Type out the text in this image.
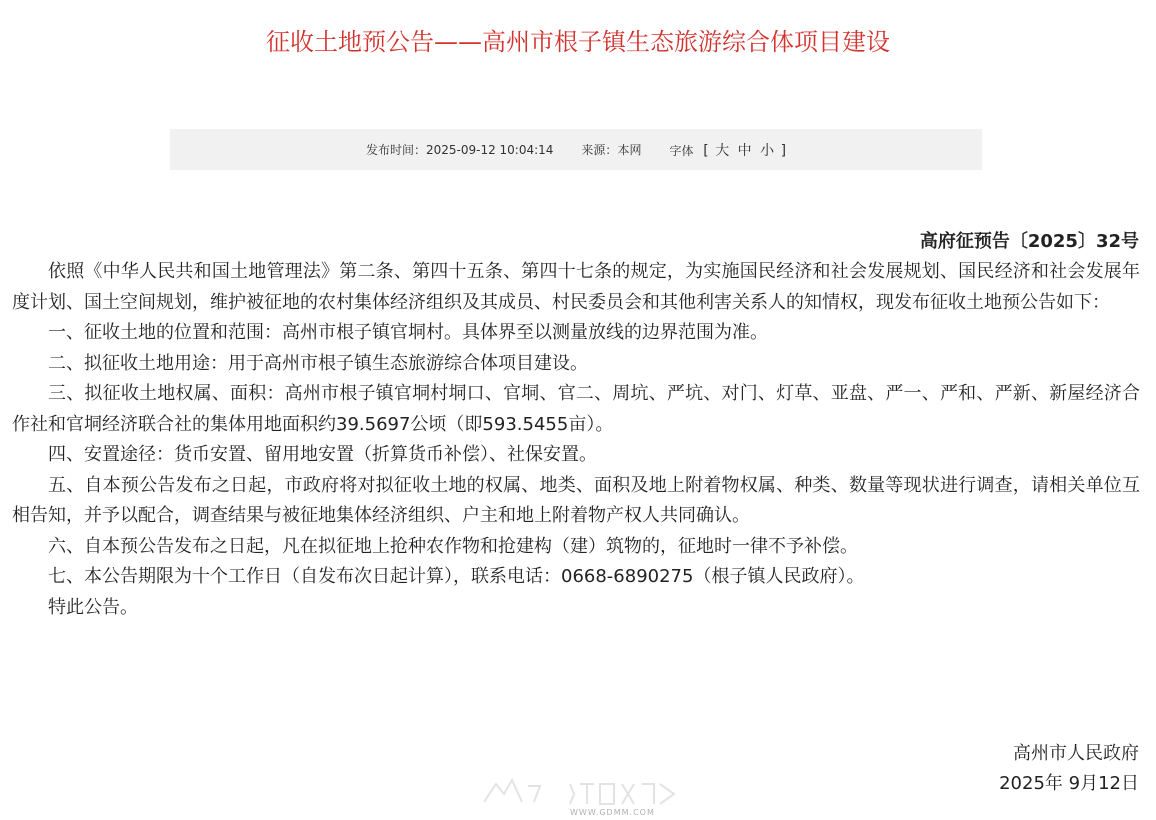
征收土地预公告——高州市根子镇生态旅游综合体项目建设
发布时间：2025-09-12 10:04:14 来源：本网 字体 [ 大 中 小 ]
高府征预告〔2025〕32号

依照《中华人民共和国土地管理法》第二条、第四十五条、第四十七条的规定，为实施国民经济和社会发展规划、国民经济和社会发展年度计划、国土空间规划，维护被征地的农村集体经济组织及其成员、村民委员会和其他利害关系人的知情权，现发布征收土地预公告如下：

一、征收土地的位置和范围：高州市根子镇官垌村。具体界至以测量放线的边界范围为准。

二、拟征收土地用途：用于高州市根子镇生态旅游综合体项目建设。

三、拟征收土地权属、面积：高州市根子镇官垌村垌口、官垌、官二、周坑、严坑、对门、灯草、亚盘、严一、严和、严新、新屋经济合作社和官垌经济联合社的集体用地面积约39.5697公顷（即593.5455亩）。

四、安置途径：货币安置、留用地安置（折算货币补偿）、社保安置。

五、自本预公告发布之日起，市政府将对拟征收土地的权属、地类、面积及地上附着物权属、种类、数量等现状进行调查，请相关单位互相告知，并予以配合，调查结果与被征地集体经济组织、户主和地上附着物产权人共同确认。

六、自本预公告发布之日起，凡在拟征地上抢种农作物和抢建构（建）筑物的，征地时一律不予补偿。

七、本公告期限为十个工作日（自发布次日起计算），联系电话：0668-6890275（根子镇人民政府）。

特此公告。

高州市人民政府
2025年 9月12日
WWW.GDMM.COM
